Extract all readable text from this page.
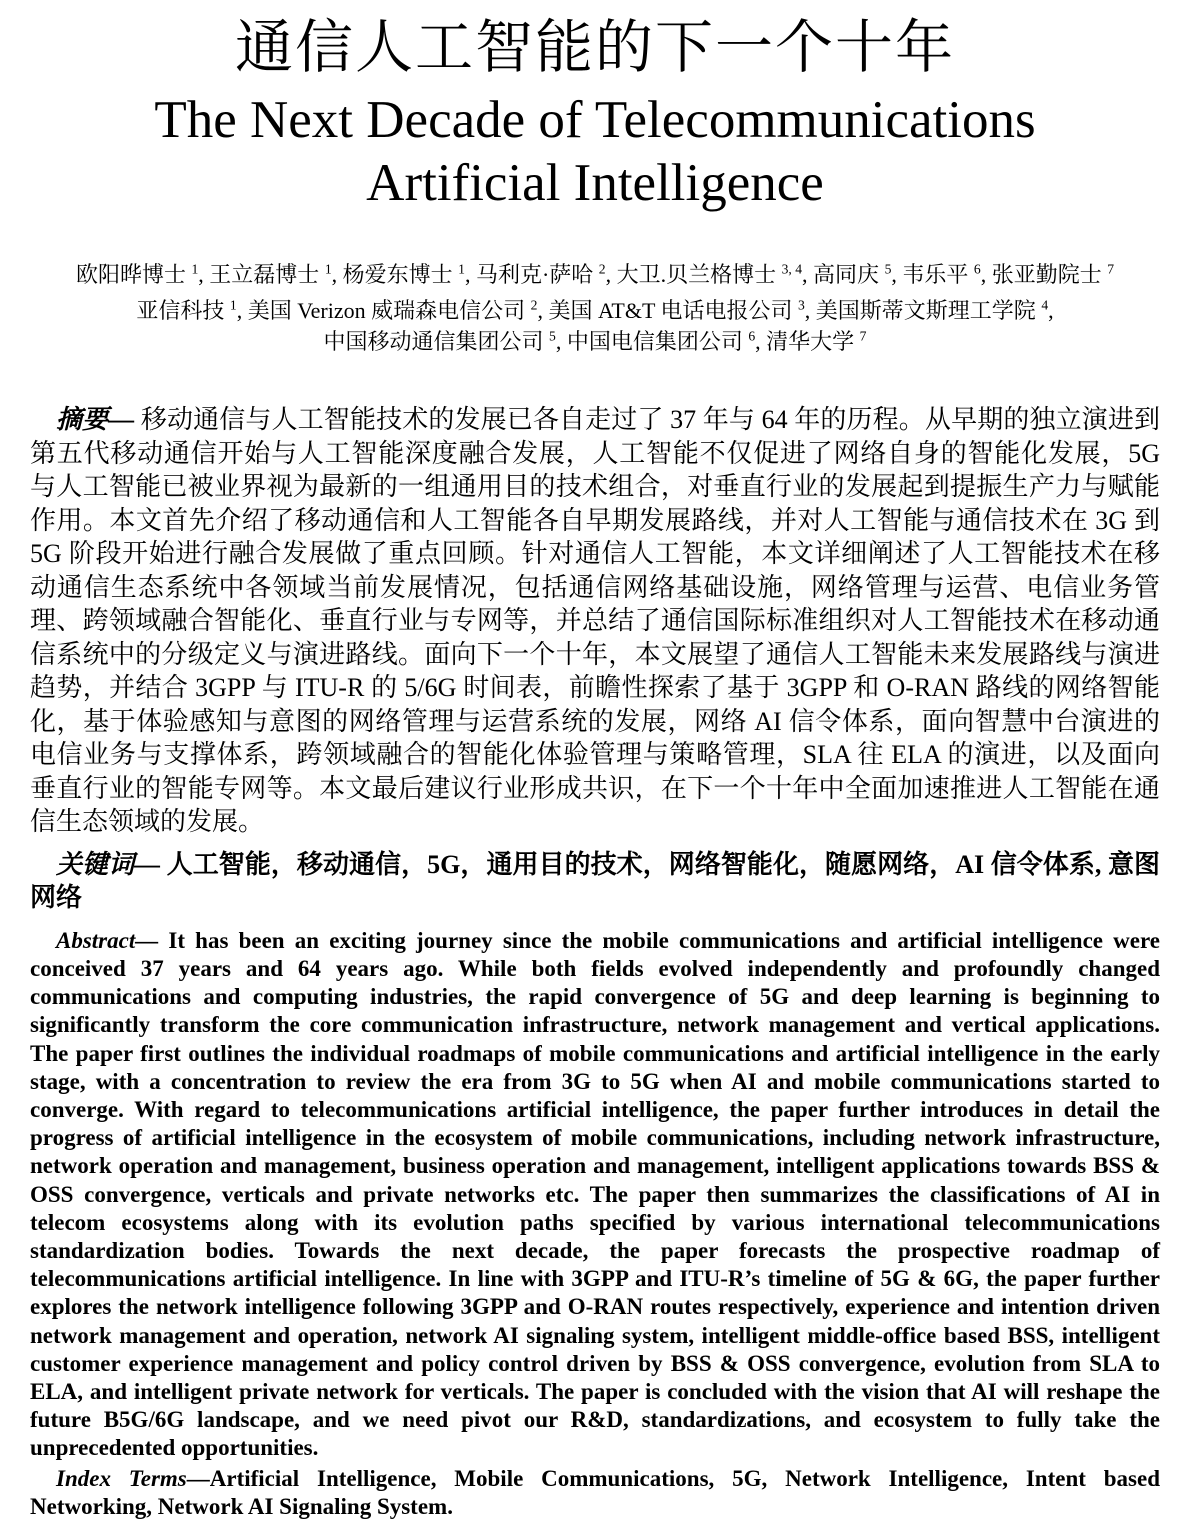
通信人工智能的下一个十年
The Next Decade of Telecommunications
Artificial Intelligence
欧阳晔博士 $^1$, 王立磊博士 $^1$, 杨爱东博士 $^1$, 马利克·萨哈 $^2$, 大卫.贝兰格博士 $^{3, 4}$, 高同庆 $^5$, 韦乐平 $^6$, 张亚勤院士 $^7$
亚信科技 $^1$, 美国 Verizon 威瑞森电信公司 $^2$, 美国 AT&T 电话电报公司 $^3$, 美国斯蒂文斯理工学院 $^4$,
中国移动通信集团公司 $^5$, 中国电信集团公司 $^6$, 清华大学 $^7$

摘要— 移动通信与人工智能技术的发展已各自走过了 37 年与 64 年的历程。从早期的独立演进到第五代移动通信开始与人工智能深度融合发展，人工智能不仅促进了网络自身的智能化发展，5G 与人工智能已被业界视为最新的一组通用目的技术组合，对垂直行业的发展起到提振生产力与赋能作用。本文首先介绍了移动通信和人工智能各自早期发展路线，并对人工智能与通信技术在 3G 到 5G 阶段开始进行融合发展做了重点回顾。针对通信人工智能，本文详细阐述了人工智能技术在移动通信生态系统中各领域当前发展情况，包括通信网络基础设施，网络管理与运营、电信业务管理、跨领域融合智能化、垂直行业与专网等，并总结了通信国际标准组织对人工智能技术在移动通信系统中的分级定义与演进路线。面向下一个十年，本文展望了通信人工智能未来发展路线与演进趋势，并结合 3GPP 与 ITU-R 的 5/6G 时间表，前瞻性探索了基于 3GPP 和 O-RAN 路线的网络智能化，基于体验感知与意图的网络管理与运营系统的发展，网络 AI 信令体系，面向智慧中台演进的电信业务与支撑体系，跨领域融合的智能化体验管理与策略管理，SLA 往 ELA 的演进，以及面向垂直行业的智能专网等。本文最后建议行业形成共识，在下一个十年中全面加速推进人工智能在通信生态领域的发展。

关键词— 人工智能，移动通信，5G，通用目的技术，网络智能化，随愿网络，AI 信令体系, 意图网络

Abstract— It has been an exciting journey since the mobile communications and artificial intelligence were conceived 37 years and 64 years ago. While both fields evolved independently and profoundly changed communications and computing industries, the rapid convergence of 5G and deep learning is beginning to significantly transform the core communication infrastructure, network management and vertical applications. The paper first outlines the individual roadmaps of mobile communications and artificial intelligence in the early stage, with a concentration to review the era from 3G to 5G when AI and mobile communications started to converge. With regard to telecommunications artificial intelligence, the paper further introduces in detail the progress of artificial intelligence in the ecosystem of mobile communications, including network infrastructure, network operation and management, business operation and management, intelligent applications towards BSS & OSS convergence, verticals and private networks etc. The paper then summarizes the classifications of AI in telecom ecosystems along with its evolution paths specified by various international telecommunications standardization bodies. Towards the next decade, the paper forecasts the prospective roadmap of telecommunications artificial intelligence. In line with 3GPP and ITU-R’s timeline of 5G & 6G, the paper further explores the network intelligence following 3GPP and O-RAN routes respectively, experience and intention driven network management and operation, network AI signaling system, intelligent middle-office based BSS, intelligent customer experience management and policy control driven by BSS & OSS convergence, evolution from SLA to ELA, and intelligent private network for verticals. The paper is concluded with the vision that AI will reshape the future B5G/6G landscape, and we need pivot our R&D, standardizations, and ecosystem to fully take the unprecedented opportunities.

Index Terms—Artificial Intelligence, Mobile Communications, 5G, Network Intelligence, Intent based Networking, Network AI Signaling System.
